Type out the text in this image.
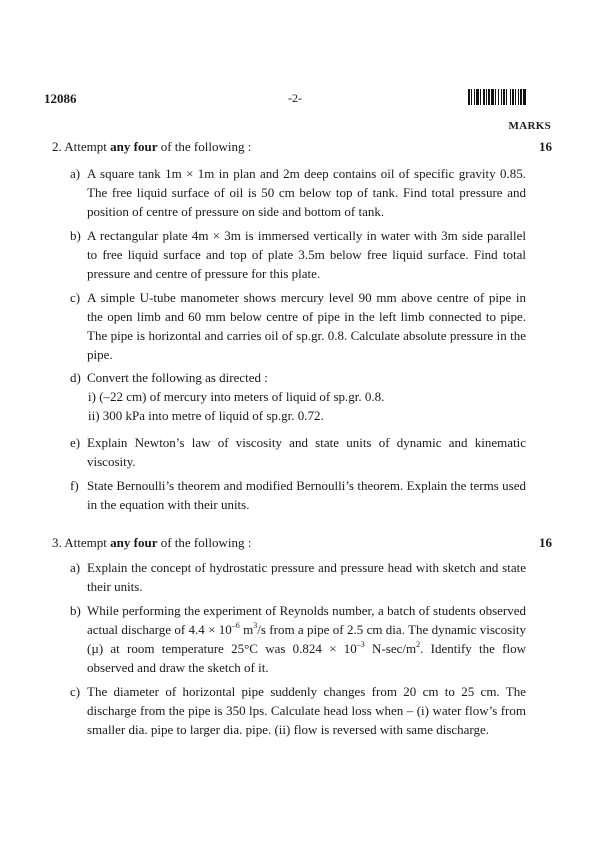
12086	-2-
MARKS
2. Attempt any four of the following :	16
a) A square tank 1m × 1m in plan and 2m deep contains oil of specific gravity 0.85. The free liquid surface of oil is 50 cm below top of tank. Find total pressure and position of centre of pressure on side and bottom of tank.
b) A rectangular plate 4m × 3m is immersed vertically in water with 3m side parallel to free liquid surface and top of plate 3.5m below free liquid surface. Find total pressure and centre of pressure for this plate.
c) A simple U-tube manometer shows mercury level 90 mm above centre of pipe in the open limb and 60 mm below centre of pipe in the left limb connected to pipe. The pipe is horizontal and carries oil of sp.gr. 0.8. Calculate absolute pressure in the pipe.
d) Convert the following as directed :
i) (–22 cm) of mercury into meters of liquid of sp.gr. 0.8.
ii) 300 kPa into metre of liquid of sp.gr. 0.72.
e) Explain Newton’s law of viscosity and state units of dynamic and kinematic viscosity.
f) State Bernoulli’s theorem and modified Bernoulli’s theorem. Explain the terms used in the equation with their units.
3. Attempt any four of the following :	16
a) Explain the concept of hydrostatic pressure and pressure head with sketch and state their units.
b) While performing the experiment of Reynolds number, a batch of students observed actual discharge of $4.4 \times 10^{-6}$ $m^3/s$ from a pipe of 2.5 cm dia. The dynamic viscosity (µ) at room temperature 25°C was $0.824 \times 10^{-3}$ $N-\sec/m^2$. Identify the flow observed and draw the sketch of it.
c) The diameter of horizontal pipe suddenly changes from 20 cm to 25 cm. The discharge from the pipe is 350 lps. Calculate head loss when – (i) water flow’s from smaller dia. pipe to larger dia. pipe. (ii) flow is reversed with same discharge.
